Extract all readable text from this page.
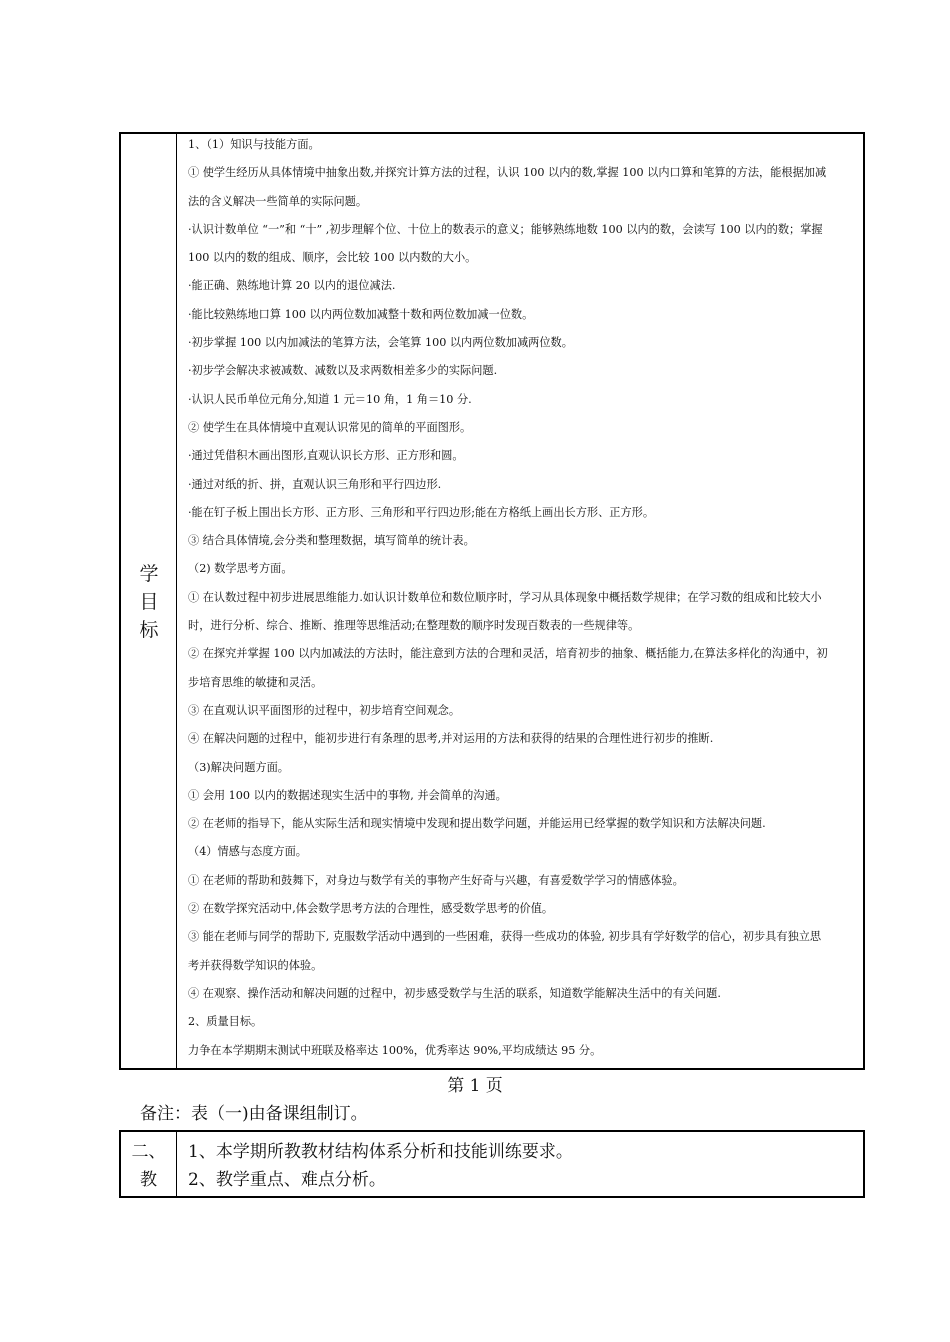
学
目
标
1、（1）知识与技能方面。
① 使学生经历从具体情境中抽象出数,并探究计算方法的过程，认识 100 以内的数,掌握 100 以内口算和笔算的方法，能根据加减
法的含义解决一些简单的实际问题。
·认识计数单位 “一”和 “十” ,初步理解个位、十位上的数表示的意义；能够熟练地数 100 以内的数，会读写 100 以内的数；掌握
100 以内的数的组成、顺序，会比较 100 以内数的大小。
·能正确、熟练地计算 20 以内的退位减法.
·能比较熟练地口算 100 以内两位数加减整十数和两位数加减一位数。
·初步掌握 100 以内加减法的笔算方法，会笔算 100 以内两位数加减两位数。
·初步学会解决求被减数、减数以及求两数相差多少的实际问题.
·认识人民币单位元角分,知道 1 元＝10 角，1 角＝10 分.
② 使学生在具体情境中直观认识常见的简单的平面图形。
·通过凭借积木画出图形,直观认识长方形、正方形和圆。
·通过对纸的折、拼，直观认识三角形和平行四边形.
·能在钉子板上围出长方形、正方形、三角形和平行四边形;能在方格纸上画出长方形、正方形。
③ 结合具体情境,会分类和整理数据，填写简单的统计表。
（2) 数学思考方面。
① 在认数过程中初步进展思维能力.如认识计数单位和数位顺序时，学习从具体现象中概括数学规律；在学习数的组成和比较大小
时，进行分析、综合、推断、推理等思维活动;在整理数的顺序时发现百数表的一些规律等。
② 在探究并掌握 100 以内加减法的方法时，能注意到方法的合理和灵活，培育初步的抽象、概括能力,在算法多样化的沟通中，初
步培育思维的敏捷和灵活。
③ 在直观认识平面图形的过程中，初步培育空间观念。
④ 在解决问题的过程中，能初步进行有条理的思考,并对运用的方法和获得的结果的合理性进行初步的推断.
（3)解决问题方面。
① 会用 100 以内的数据述现实生活中的事物, 并会简单的沟通。
② 在老师的指导下，能从实际生活和现实情境中发现和提出数学问题，并能运用已经掌握的数学知识和方法解决问题.
（4）情感与态度方面。
① 在老师的帮助和鼓舞下，对身边与数学有关的事物产生好奇与兴趣，有喜爱数学学习的情感体验。
② 在数学探究活动中,体会数学思考方法的合理性，感受数学思考的价值。
③ 能在老师与同学的帮助下, 克服数学活动中遇到的一些困难，获得一些成功的体验, 初步具有学好数学的信心，初步具有独立思
考并获得数学知识的体验。
④ 在观察、操作活动和解决问题的过程中，初步感受数学与生活的联系，知道数学能解决生活中的有关问题.
2、质量目标。
力争在本学期期末测试中班联及格率达 100%，优秀率达 90%,平均成绩达 95 分。
第 1 页
备注：表（一)由备课组制订。
二、
教
1、本学期所教教材结构体系分析和技能训练要求。
2、教学重点、难点分析。
